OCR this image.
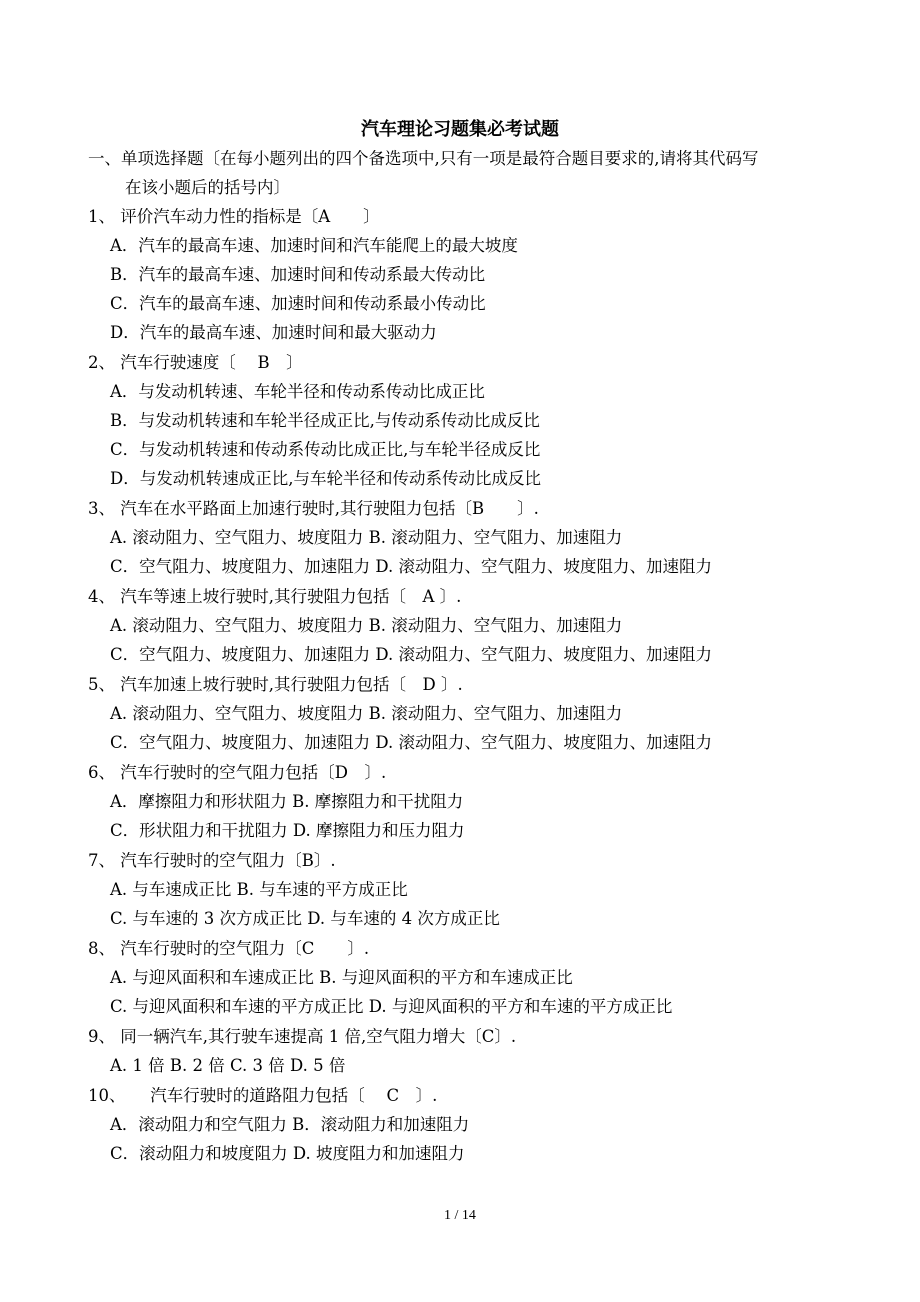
汽车理论习题集必考试题
一、单项选择题〔在每小题列出的四个备选项中,只有一项是最符合题目要求的,请将其代码写
在该小题后的括号内〕
1、 评价汽车动力性的指标是〔A　　〕
A．汽车的最高车速、加速时间和汽车能爬上的最大坡度
B．汽车的最高车速、加速时间和传动系最大传动比
C．汽车的最高车速、加速时间和传动系最小传动比
D．汽车的最高车速、加速时间和最大驱动力
2、 汽车行驶速度〔　 B　〕
A．与发动机转速、车轮半径和传动系传动比成正比
B．与发动机转速和车轮半径成正比,与传动系传动比成反比
C．与发动机转速和传动系传动比成正比,与车轮半径成反比
D．与发动机转速成正比,与车轮半径和传动系传动比成反比
3、 汽车在水平路面上加速行驶时,其行驶阻力包括〔B　　〕.
A. 滚动阻力、空气阻力、坡度阻力 B. 滚动阻力、空气阻力、加速阻力
C．空气阻力、坡度阻力、加速阻力 D. 滚动阻力、空气阻力、坡度阻力、加速阻力
4、 汽车等速上坡行驶时,其行驶阻力包括〔　A 〕.
A. 滚动阻力、空气阻力、坡度阻力 B. 滚动阻力、空气阻力、加速阻力
C．空气阻力、坡度阻力、加速阻力 D. 滚动阻力、空气阻力、坡度阻力、加速阻力
5、 汽车加速上坡行驶时,其行驶阻力包括〔　D 〕.
A. 滚动阻力、空气阻力、坡度阻力 B. 滚动阻力、空气阻力、加速阻力
C．空气阻力、坡度阻力、加速阻力 D. 滚动阻力、空气阻力、坡度阻力、加速阻力
6、 汽车行驶时的空气阻力包括〔D　〕.
A．摩擦阻力和形状阻力 B. 摩擦阻力和干扰阻力
C．形状阻力和干扰阻力 D. 摩擦阻力和压力阻力
7、 汽车行驶时的空气阻力〔B〕.
A. 与车速成正比 B. 与车速的平方成正比
C. 与车速的 3 次方成正比 D. 与车速的 4 次方成正比
8、 汽车行驶时的空气阻力〔C　　〕.
A. 与迎风面积和车速成正比 B. 与迎风面积的平方和车速成正比
C. 与迎风面积和车速的平方成正比 D. 与迎风面积的平方和车速的平方成正比
9、 同一辆汽车,其行驶车速提高 1 倍,空气阻力增大〔C〕.
A. 1 倍 B. 2 倍 C. 3 倍 D. 5 倍
10、　　汽车行驶时的道路阻力包括〔　 C　〕.
A．滚动阻力和空气阻力 B．滚动阻力和加速阻力
C．滚动阻力和坡度阻力 D. 坡度阻力和加速阻力
1 / 14
